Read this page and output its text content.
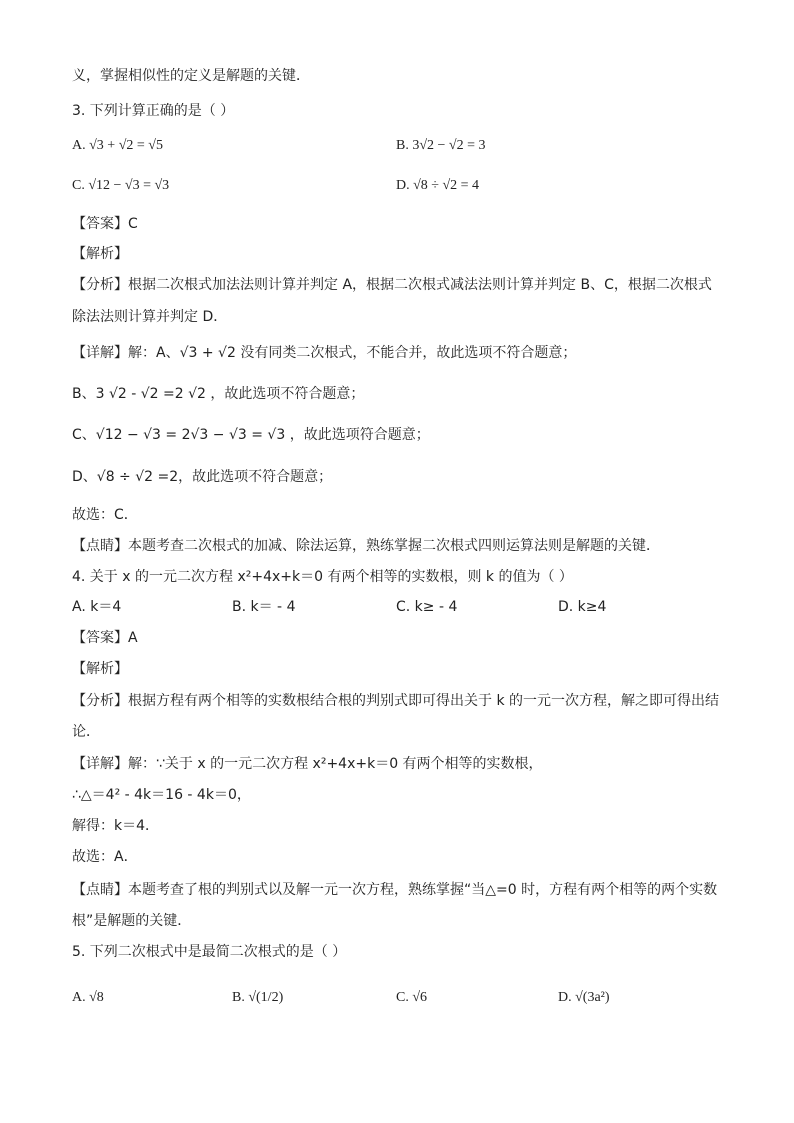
义，掌握相似性的定义是解题的关键．
3. 下列计算正确的是（ ）
A. √3 + √2 = √5	B. 3√2 − √2 = 3
C. √12 − √3 = √3	D. √8 ÷ √2 = 4
【答案】C
【解析】
【分析】根据二次根式加法法则计算并判定 A，根据二次根式减法法则计算并判定 B、C，根据二次根式
除法法则计算并判定 D．
【详解】解：A、√3 + √2 没有同类二次根式，不能合并，故此选项不符合题意；
B、3 √2 - √2 =2 √2 ，故此选项不符合题意；
C、√12 − √3 = 2√3 − √3 = √3 ，故此选项符合题意；
D、√8 ÷ √2 =2，故此选项不符合题意；
故选：C．
【点睛】本题考查二次根式的加减、除法运算，熟练掌握二次根式四则运算法则是解题的关键．
4. 关于 x 的一元二次方程 x²+4x+k＝0 有两个相等的实数根，则 k 的值为（ ）
A. k＝4	B. k＝ - 4	C. k≥ - 4	D. k≥4
【答案】A
【解析】
【分析】根据方程有两个相等的实数根结合根的判别式即可得出关于 k 的一元一次方程，解之即可得出结
论．
【详解】解：∵关于 x 的一元二次方程 x²+4x+k＝0 有两个相等的实数根，
∴△＝4² - 4k＝16 - 4k＝0，
解得：k＝4．
故选：A．
【点睛】本题考查了根的判别式以及解一元一次方程，熟练掌握“当△=0 时，方程有两个相等的两个实数
根”是解题的关键．
5. 下列二次根式中是最简二次根式的是（ ）
A. √8	B. √(1/2)	C. √6	D. √(3a²)
